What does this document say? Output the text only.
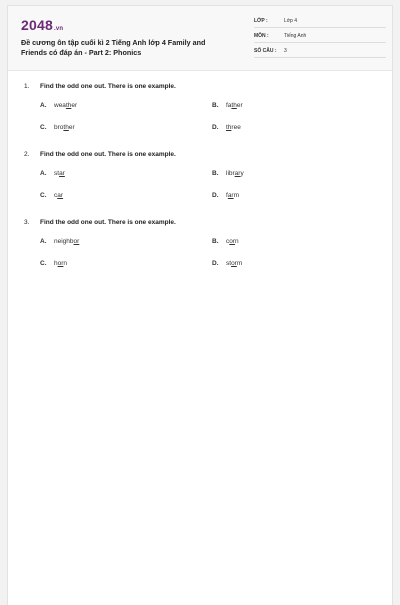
2048.vn
Đề cương ôn tập cuối kì 2 Tiếng Anh lớp 4 Family and
Friends có đáp án - Part 2: Phonics
LỚP :	Lớp 4
MÔN :	Tiếng Anh
SỐ CÂU : 3
1. Find the odd one out. There is one example.
A. weather	B. father
C. brother	D. three
2. Find the odd one out. There is one example.
A. star	B. library
C. car	D. farm
3. Find the odd one out. There is one example.
A. neighbor	B. corn
C. horn	D. storm
